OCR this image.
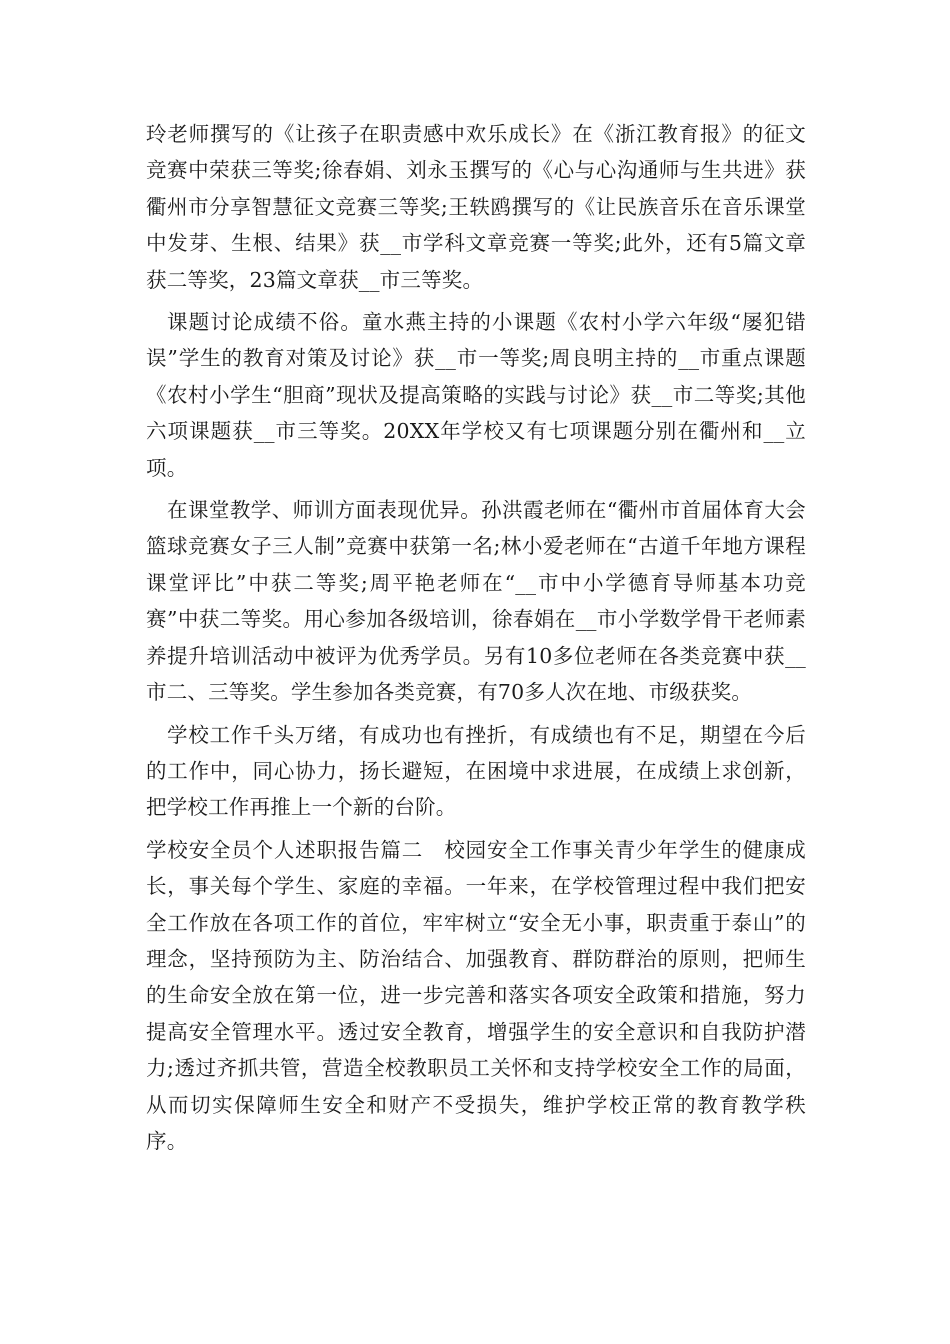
玲老师撰写的《让孩子在职责感中欢乐成长》在《浙江教育报》的征文竞赛中荣获三等奖;徐春娟、刘永玉撰写的《心与心沟通师与生共进》获衢州市分享智慧征文竞赛三等奖;王轶鸥撰写的《让民族音乐在音乐课堂中发芽、生根、结果》获__市学科文章竞赛一等奖;此外，还有5篇文章获二等奖，23篇文章获__市三等奖。

课题讨论成绩不俗。童水燕主持的小课题《农村小学六年级“屡犯错误”学生的教育对策及讨论》获__市一等奖;周良明主持的__市重点课题《农村小学生“胆商”现状及提高策略的实践与讨论》获__市二等奖;其他六项课题获__市三等奖。20XX年学校又有七项课题分别在衢州和__立项。

在课堂教学、师训方面表现优异。孙洪霞老师在“衢州市首届体育大会篮球竞赛女子三人制”竞赛中获第一名;林小爱老师在“古道千年地方课程课堂评比”中获二等奖;周平艳老师在“__市中小学德育导师基本功竞赛”中获二等奖。用心参加各级培训，徐春娟在__市小学数学骨干老师素养提升培训活动中被评为优秀学员。另有10多位老师在各类竞赛中获__市二、三等奖。学生参加各类竞赛，有70多人次在地、市级获奖。

学校工作千头万绪，有成功也有挫折，有成绩也有不足，期望在今后的工作中，同心协力，扬长避短，在困境中求进展，在成绩上求创新，把学校工作再推上一个新的台阶。

学校安全员个人述职报告篇二　校园安全工作事关青少年学生的健康成长，事关每个学生、家庭的幸福。一年来，在学校管理过程中我们把安全工作放在各项工作的首位，牢牢树立“安全无小事，职责重于泰山”的理念，坚持预防为主、防治结合、加强教育、群防群治的原则，把师生的生命安全放在第一位，进一步完善和落实各项安全政策和措施，努力提高安全管理水平。透过安全教育，增强学生的安全意识和自我防护潜力;透过齐抓共管，营造全校教职员工关怀和支持学校安全工作的局面，从而切实保障师生安全和财产不受损失，维护学校正常的教育教学秩序。
